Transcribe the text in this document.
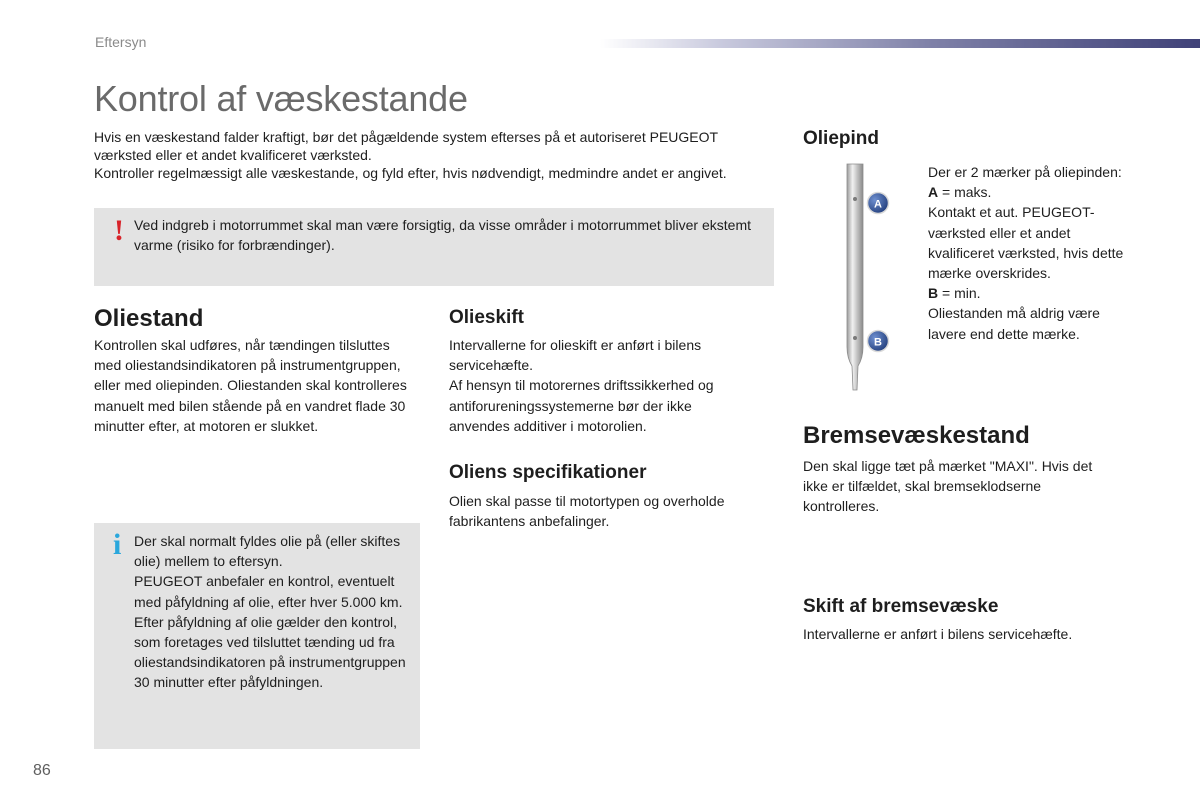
Eftersyn
Kontrol af væskestande

Hvis en væskestand falder kraftigt, bør det pågældende system efterses på et autoriseret PEUGEOT værksted eller et andet kvalificeret værksted.

Kontroller regelmæssigt alle væskestande, og fyld efter, hvis nødvendigt, medmindre andet er angivet.

! Ved indgreb i motorrummet skal man være forsigtig, da visse områder i motorrummet bliver ekstemt varme (risiko for forbrændinger).
Oliestand
Kontrollen skal udføres, når tændingen tilsluttes med oliestandsindikatoren på instrumentgruppen, eller med oliepinden. Oliestanden skal kontrolleres manuelt med bilen stående på en vandret flade 30 minutter efter, at motoren er slukket.
i Der skal normalt fyldes olie på (eller skiftes olie) mellem to eftersyn.

PEUGEOT anbefaler en kontrol, eventuelt med påfyldning af olie, efter hver 5.000 km.

Efter påfyldning af olie gælder den kontrol, som foretages ved tilsluttet tænding ud fra oliestandsindikatoren på instrumentgruppen 30 minutter efter påfyldningen.

Olieskift

Intervallerne for olieskift er anført i bilens servicehæfte.

Af hensyn til motorernes driftssikkerhed og antiforureningssystemerne bør der ikke anvendes additiver i motorolien.

Oliens specifikationer
Olien skal passe til motortypen og overholde fabrikantens anbefalinger.
Oliepind
A
B

Der er 2 mærker på oliepinden:

A = maks.

Kontakt et aut. PEUGEOT-værksted eller et andet kvalificeret værksted, hvis dette mærke overskrides.

B = min.

Oliestanden må aldrig være lavere end dette mærke.

Bremsevæskestand
Den skal ligge tæt på mærket "MAXI". Hvis det ikke er tilfældet, skal bremseklodserne kontrolleres.
Skift af bremsevæske
Intervallerne er anført i bilens servicehæfte.
86
